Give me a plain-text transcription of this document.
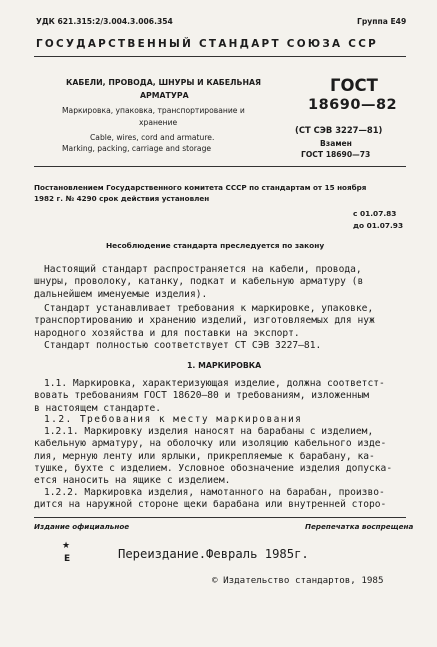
УДК 621.315:2/3.004.3.006.354	Группа Е49
ГОСУДАРСТВЕННЫЙ СТАНДАРТ СОЮЗА ССР
КАБЕЛИ, ПРОВОДА, ШНУРЫ И КАБЕЛЬНАЯ
АРМАТУРА
Маркировка, упаковка, транспортирование и
хранение
Cable, wires, cord and armature.
Marking, packing, carriage and storage
ГОСТ
18690—82
(СТ СЭВ 3227—81)
Взамен
ГОСТ 18690—73
Постановлением Государственного комитета СССР по стандартам от 15 ноября
1982 г. № 4290 срок действия установлен
с 01.07.83
до 01.07.93
Несоблюдение стандарта преследуется по закону
Настоящий стандарт распространяется на кабели, провода,
шнуры, проволоку, катанку, подкат и кабельную арматуру (в
дальнейшем именуемые изделия).
Стандарт устанавливает требования к маркировке, упаковке,
транспортированию и хранению изделий, изготовляемых для нуж
народного хозяйства и для поставки на экспорт.
Стандарт полностью соответствует СТ СЭВ 3227—81.
1. МАРКИРОВКА
1.1. Маркировка, характеризующая изделие, должна соответст-
вовать требованиям ГОСТ 18620—80 и требованиям, изложенным
в настоящем стандарте.
1.2. Требования к месту маркирования
1.2.1. Маркировку изделия наносят на барабаны с изделием,
кабельную арматуру, на оболочку или изоляцию кабельного изде-
лия, мерную ленту или ярлыки, прикрепляемые к барабану, ка-
тушке, бухте с изделием. Условное обозначение изделия допуска-
ется наносить на ящике с изделием.
1.2.2. Маркировка изделия, намотанного на барабан, произво-
дится на наружной стороне щеки барабана или внутренней сторо-
Издание официальное	Перепечатка воспрещена
★
Е	Переиздание.Февраль 1985г.
© Издательство стандартов, 1985
